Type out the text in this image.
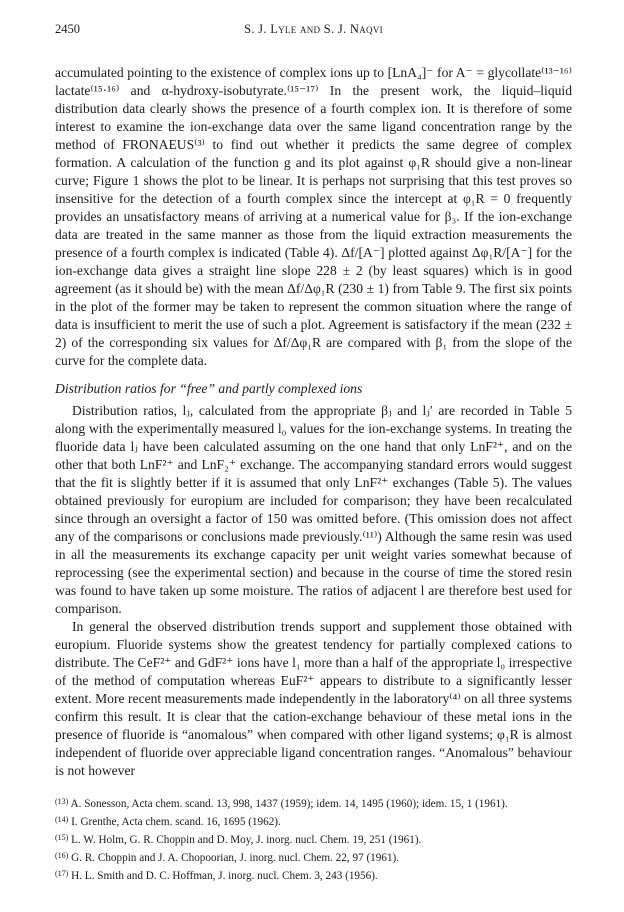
2450	S. J. Lyle and S. J. Naqvi

accumulated pointing to the existence of complex ions up to [LnA₄]⁻ for A⁻ = glycollate⁽¹³⁻¹⁶⁾ lactate⁽¹⁵·¹⁶⁾ and α-hydroxy-isobutyrate.⁽¹⁵⁻¹⁷⁾ In the present work, the liquid–liquid distribution data clearly shows the presence of a fourth complex ion. It is therefore of some interest to examine the ion-exchange data over the same ligand concentration range by the method of FRONAEUS⁽³⁾ to find out whether it predicts the same degree of complex formation. A calculation of the function g and its plot against φ₁R should give a non-linear curve; Figure 1 shows the plot to be linear. It is perhaps not surprising that this test proves so insensitive for the detection of a fourth complex since the intercept at φ₁R = 0 frequently provides an unsatisfactory means of arriving at a numerical value for β₃. If the ion-exchange data are treated in the same manner as those from the liquid extraction measurements the presence of a fourth complex is indicated (Table 4). Δf/[A⁻] plotted against Δφ₁R/[A⁻] for the ion-exchange data gives a straight line slope 228 ± 2 (by least squares) which is in good agreement (as it should be) with the mean Δf/Δφ₁R (230 ± 1) from Table 9. The first six points in the plot of the former may be taken to represent the common situation where the range of data is insufficient to merit the use of such a plot. Agreement is satisfactory if the mean (232 ± 2) of the corresponding six values for Δf/Δφ₁R are compared with β₁ from the slope of the curve for the complete data.

Distribution ratios for “free” and partly complexed ions

Distribution ratios, lⱼ, calculated from the appropriate βⱼ and lⱼ′ are recorded in Table 5 along with the experimentally measured l₀ values for the ion-exchange systems. In treating the fluoride data lⱼ have been calculated assuming on the one hand that only LnF²⁺, and on the other that both LnF²⁺ and LnF₂⁺ exchange. The accompanying standard errors would suggest that the fit is slightly better if it is assumed that only LnF²⁺ exchanges (Table 5). The values obtained previously for europium are included for comparison; they have been recalculated since through an oversight a factor of 150 was omitted before. (This omission does not affect any of the comparisons or conclusions made previously.⁽¹¹⁾) Although the same resin was used in all the measurements its exchange capacity per unit weight varies somewhat because of reprocessing (see the experimental section) and because in the course of time the stored resin was found to have taken up some moisture. The ratios of adjacent l are therefore best used for comparison.

In general the observed distribution trends support and supplement those obtained with europium. Fluoride systems show the greatest tendency for partially complexed cations to distribute. The CeF²⁺ and GdF²⁺ ions have l₁ more than a half of the appropriate l₀ irrespective of the method of computation whereas EuF²⁺ appears to distribute to a significantly lesser extent. More recent measurements made independently in the laboratory⁽⁴⁾ on all three systems confirm this result. It is clear that the cation-exchange behaviour of these metal ions in the presence of fluoride is “anomalous” when compared with other ligand systems; φ₁R is almost independent of fluoride over appreciable ligand concentration ranges. “Anomalous” behaviour is not however

$^{(13)}$ A. Sonesson, Acta chem. scand. 13, 998, 1437 (1959); idem. 14, 1495 (1960); idem. 15, 1 (1961).

$^{(14)}$ I. Grenthe, Acta chem. scand. 16, 1695 (1962).

$^{(15)}$ L. W. Holm, G. R. Choppin and D. Moy, J. inorg. nucl. Chem. 19, 251 (1961).

$^{(16)}$ G. R. Choppin and J. A. Chopoorian, J. inorg. nucl. Chem. 22, 97 (1961).

$^{(17)}$ H. L. Smith and D. C. Hoffman, J. inorg. nucl. Chem. 3, 243 (1956).
